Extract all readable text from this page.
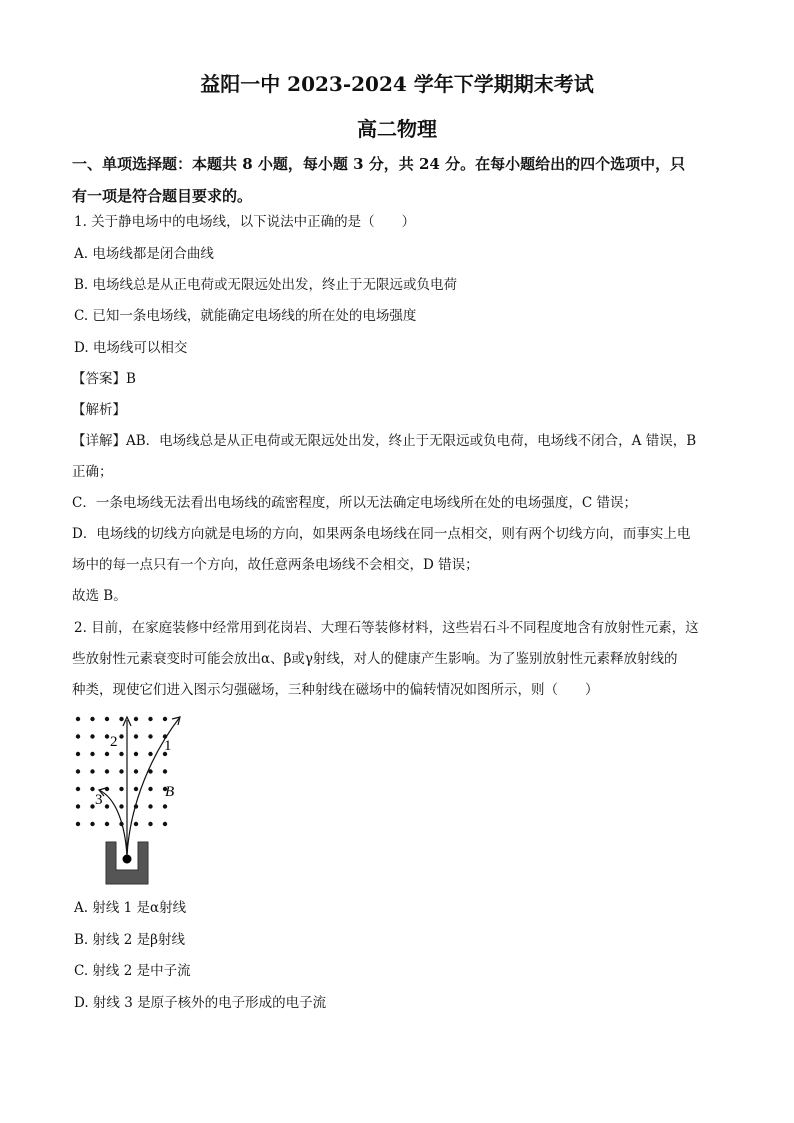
益阳一中 2023-2024 学年下学期期末考试
高二物理
一、单项选择题：本题共 8 小题，每小题 3 分，共 24 分。在每小题给出的四个选项中，只
有一项是符合题目要求的。
1. 关于静电场中的电场线，以下说法中正确的是（　　）
A. 电场线都是闭合曲线
B. 电场线总是从正电荷或无限远处出发，终止于无限远或负电荷
C. 已知一条电场线，就能确定电场线的所在处的电场强度
D. 电场线可以相交
【答案】B
【解析】
【详解】AB．电场线总是从正电荷或无限远处出发，终止于无限远或负电荷，电场线不闭合，A 错误，B
正确；
C．一条电场线无法看出电场线的疏密程度，所以无法确定电场线所在处的电场强度，C 错误；
D．电场线的切线方向就是电场的方向，如果两条电场线在同一点相交，则有两个切线方向，而事实上电
场中的每一点只有一个方向，故任意两条电场线不会相交，D 错误；
故选 B。
2. 目前，在家庭装修中经常用到花岗岩、大理石等装修材料，这些岩石斗不同程度地含有放射性元素，这
些放射性元素衰变时可能会放出α、β或γ射线，对人的健康产生影响。为了鉴别放射性元素释放射线的
种类，现使它们进入图示匀强磁场，三种射线在磁场中的偏转情况如图所示，则（　　）
2	1
3	B
A. 射线 1 是α射线
B. 射线 2 是β射线
C. 射线 2 是中子流
D. 射线 3 是原子核外的电子形成的电子流
